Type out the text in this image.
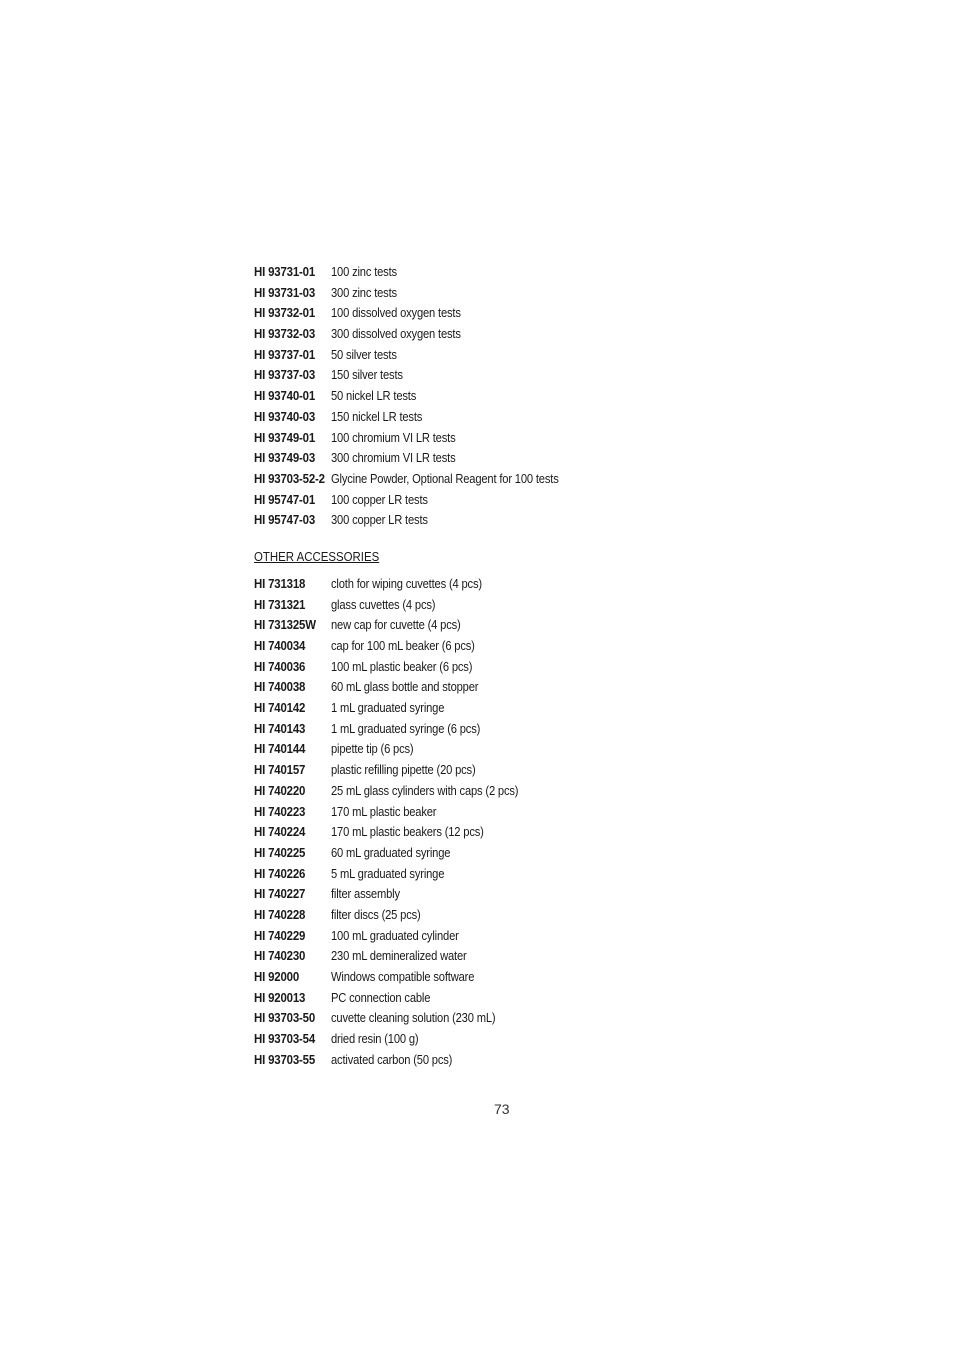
HI 93731-01 100 zinc tests
HI 93731-03 300 zinc tests
HI 93732-01 100 dissolved oxygen tests
HI 93732-03 300 dissolved oxygen tests
HI 93737-01 50 silver tests
HI 93737-03 150 silver tests
HI 93740-01 50 nickel LR tests
HI 93740-03 150 nickel LR tests
HI 93749-01 100 chromium VI LR tests
HI 93749-03 300 chromium VI LR tests
HI 93703-52-2 Glycine Powder, Optional Reagent for 100 tests
HI 95747-01 100 copper LR tests
HI 95747-03 300 copper LR tests
OTHER ACCESSORIES
HI 731318 cloth for wiping cuvettes (4 pcs)
HI 731321 glass cuvettes (4 pcs)
HI 731325W new cap for cuvette (4 pcs)
HI 740034 cap for 100 mL beaker (6 pcs)
HI 740036 100 mL plastic beaker (6 pcs)
HI 740038 60 mL glass bottle and stopper
HI 740142 1 mL graduated syringe
HI 740143 1 mL graduated syringe (6 pcs)
HI 740144 pipette tip (6 pcs)
HI 740157 plastic refilling pipette (20 pcs)
HI 740220 25 mL glass cylinders with caps (2 pcs)
HI 740223 170 mL plastic beaker
HI 740224 170 mL plastic beakers (12 pcs)
HI 740225 60 mL graduated syringe
HI 740226 5 mL graduated syringe
HI 740227 filter assembly
HI 740228 filter discs (25 pcs)
HI 740229 100 mL graduated cylinder
HI 740230 230 mL demineralized water
HI 92000 Windows compatible software
HI 920013 PC connection cable
HI 93703-50 cuvette cleaning solution (230 mL)
HI 93703-54 dried resin (100 g)
HI 93703-55 activated carbon (50 pcs)
73
